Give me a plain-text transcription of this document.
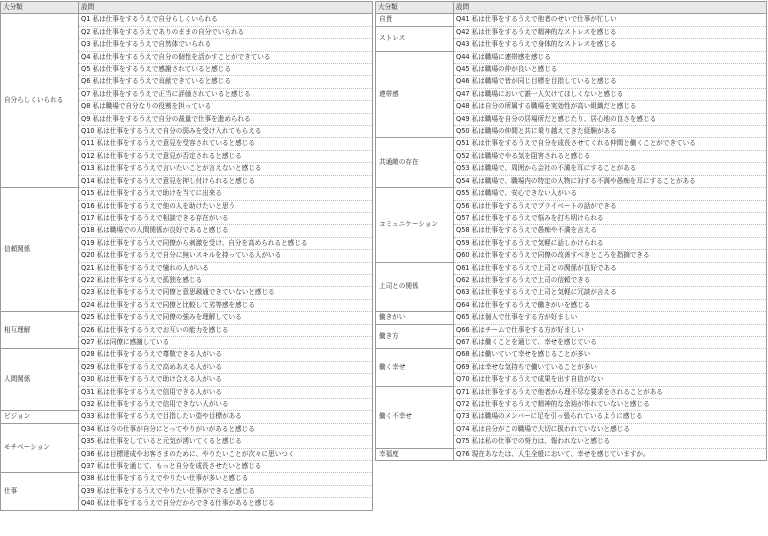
大分類	設問
自分らしくいられる	Q1 私は仕事をするうえで自分らしくいられる
	Q2 私は仕事をするうえでありのままの自分でいられる
	Q3 私は仕事をするうえで自然体でいられる
	Q4 私は仕事をするうえで自分の個性を活かすことができている
	Q5 私は仕事をするうえで感謝されていると感じる
	Q6 私は仕事をするうえで貢献できていると感じる
	Q7 私は仕事をするうえで正当に評価されていると感じる
	Q8 私は職場で自分なりの役割を担っている
	Q9 私は仕事をするうえで自分の裁量で仕事を進められる
	Q10 私は仕事をするうえで自分の弱みを受け入れてもらえる
	Q11 私は仕事をするうえで意見を受容されていると感じる
	Q12 私は仕事をするうえで意見が否定されると感じる
	Q13 私は仕事をするうえで言いたいことが言えないと感じる
	Q14 私は仕事をするうえで意見を押し付けられると感じる
信頼関係	Q15 私は仕事をするうえで助けを当てに出来る
	Q16 私は仕事をするうえで他の人を助けたいと思う
	Q17 私は仕事をするうえで相談できる存在がいる
	Q18 私は職場での人間関係が良好であると感じる
	Q19 私は仕事をするうえで同僚から刺激を受け、自分を高められると感じる
	Q20 私は仕事をするうえで自分に無いスキルを持っている人がいる
	Q21 私は仕事をするうえで憧れの人がいる
	Q22 私は仕事をするうえで孤独を感じる
	Q23 私は仕事をするうえで同僚と意思疎通できていないと感じる
	Q24 私は仕事をするうえで同僚と比較して劣等感を感じる
相互理解	Q25 私は仕事をするうえで同僚の強みを理解している
	Q26 私は仕事をするうえでお互いの能力を感じる
	Q27 私は同僚に感謝している
人間関係	Q28 私は仕事をするうえで尊敬できる人がいる
	Q29 私は仕事をするうえで高めあえる人がいる
	Q30 私は仕事をするうえで助け合える人がいる
	Q31 私は仕事をするうえで信用できる人がいる
	Q32 私は仕事をするうえで信用できない人がいる
ビジョン	Q33 私は仕事をするうえで目指したい姿や目標がある
モチベーション	Q34 私は今の仕事が自分にとってやりがいがあると感じる
	Q35 私は仕事をしていると元気が湧いてくると感じる
	Q36 私は目標達成やお客さまのために、やりたいことが次々に思いつく
	Q37 私は仕事を通じて、もっと自分を成長させたいと感じる
仕事	Q38 私は仕事をするうえでやりたい仕事が多いと感じる
	Q39 私は仕事をするうえでやりたい仕事ができると感じる
	Q40 私は仕事をするうえで自分だからできる仕事があると感じる
大分類	設問
自責	Q41 私は仕事をするうえで他者のせいで仕事が忙しい
ストレス	Q42 私は仕事をするうえで精神的なストレスを感じる
	Q43 私は仕事をするうえで身体的なストレスを感じる
連帯感	Q44 私は職場に連帯感を感じる
	Q45 私は職場の仲が良いと感じる
	Q46 私は職場で皆が同じ目標を目指していると感じる
	Q47 私は職場において誰一人欠けてほしくないと感じる
	Q48 私は自分の所属する職場を実効性が高い組織だと感じる
	Q49 私は職場を自分の居場所だと感じたり、居心地の良さを感じる
	Q50 私は職場の仲間と共に乗り越えてきた経験がある
共通敵の存在	Q51 私は仕事をするうえで自分を成長させてくれる仲間と働くことができている
	Q52 私は職場でやる気を阻害されると感じる
	Q53 私は職場で、周囲から会社の不満を耳にすることがある
	Q54 私は職場で、職場内の特定の人物に対する不満や愚痴を耳にすることがある
コミュニケーション	Q55 私は職場で、安心できない人がいる
	Q56 私は仕事をするうえでプライベートの話ができる
	Q57 私は仕事をするうえで悩みを打ち明けられる
	Q58 私は仕事をするうえで愚痴や不満を言える
	Q59 私は仕事をするうえで気軽に話しかけられる
	Q60 私は仕事をするうえで同僚の改善すべきところを指摘できる
上司との関係	Q61 私は仕事をするうえで上司との関係が良好である
	Q62 私は仕事をするうえで上司の信頼できる
	Q63 私は仕事をするうえで上司と気軽に冗談が言える
	Q64 私は仕事をするうえで働きがいを感じる
働きがい	Q65 私は個人で仕事をする方が好ましい
働き方	Q66 私はチームで仕事をする方が好ましい
	Q67 私は働くことを通じて、幸せを感じている
働く幸せ	Q68 私は働いていて幸せを感じることが多い
	Q69 私は幸せな気持ちで働いていることが多い
	Q70 私は仕事をするうえで成果を出す自信がない
働く不幸せ	Q71 私は仕事をするうえで他者から理不尽な要求をされることがある
	Q72 私は仕事をするうえで精神的な余裕が作れていないと感じる
	Q73 私は職場のメンバーに足を引っ張られているように感じる
	Q74 私は自分がこの職場で大切に扱われていないと感じる
	Q75 私は私の仕事での努力は、報われないと感じる
幸福度	Q76 現在あなたは、人生全般において、幸せを感じていますか。
